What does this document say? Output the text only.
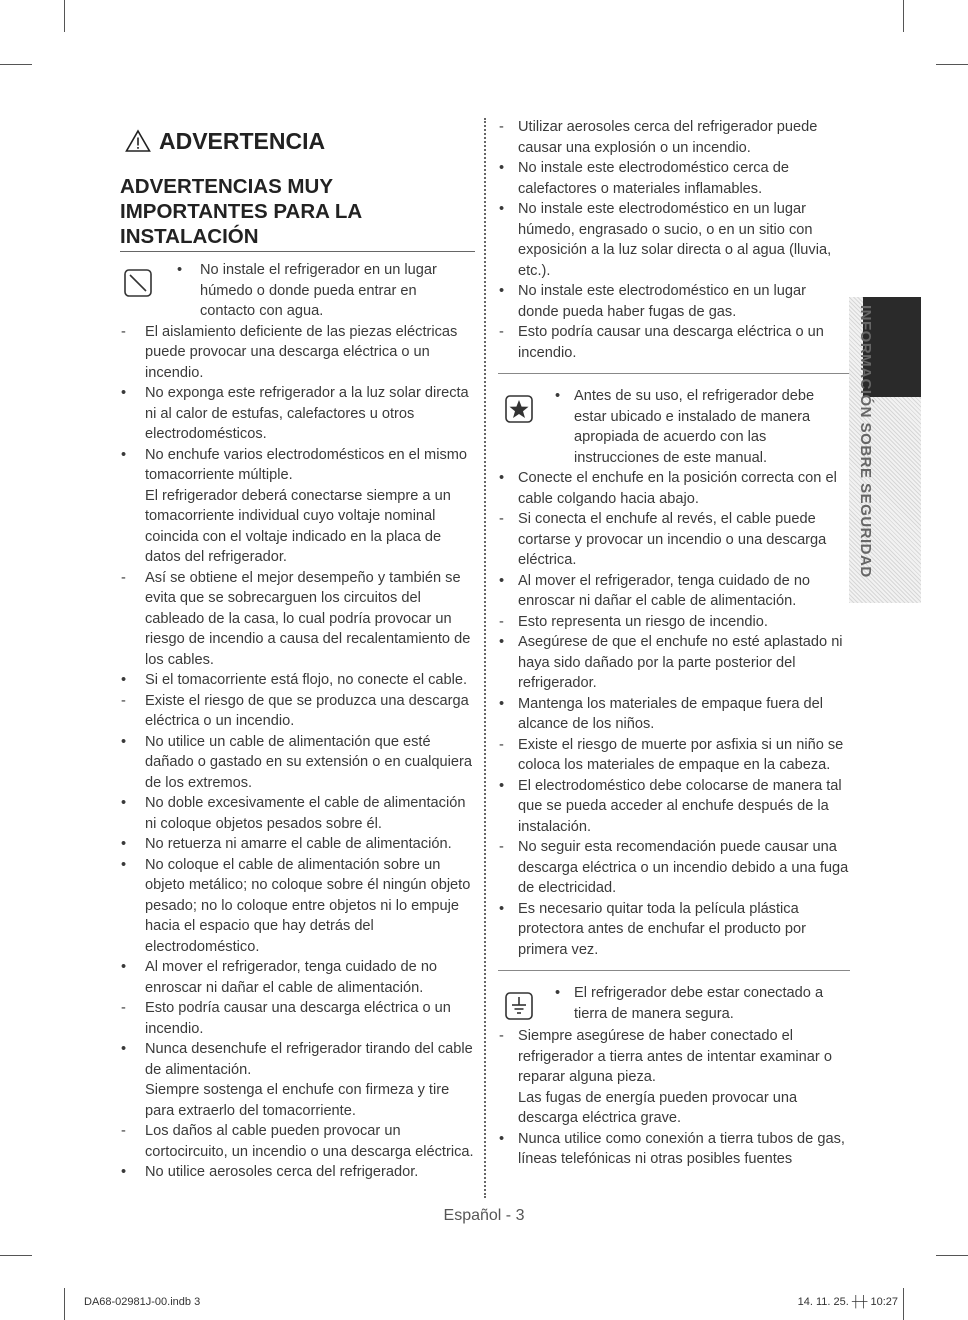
ADVERTENCIA
ADVERTENCIAS MUY IMPORTANTES PARA LA INSTALACIÓN
•	No instale el refrigerador en un lugar húmedo o donde pueda entrar en contacto con agua.
-	El aislamiento deficiente de las piezas eléctricas puede provocar una descarga eléctrica o un incendio.
•	No exponga este refrigerador a la luz solar directa ni al calor de estufas, calefactores u otros electrodomésticos.
•	No enchufe varios electrodomésticos en el mismo tomacorriente múltiple.
El refrigerador deberá conectarse siempre a un tomacorriente individual cuyo voltaje nominal coincida con el voltaje indicado en la placa de datos del refrigerador.
-	Así se obtiene el mejor desempeño y también se evita que se sobrecarguen los circuitos del cableado de la casa, lo cual podría provocar un riesgo de incendio a causa del recalentamiento de los cables.
•	Si el tomacorriente está flojo, no conecte el cable.
-	Existe el riesgo de que se produzca una descarga eléctrica o un incendio.
•	No utilice un cable de alimentación que esté dañado o gastado en su extensión o en cualquiera de los extremos.
•	No doble excesivamente el cable de alimentación ni coloque objetos pesados sobre él.
•	No retuerza ni amarre el cable de alimentación.
•	No coloque el cable de alimentación sobre un objeto metálico; no coloque sobre él ningún objeto pesado; no lo coloque entre objetos ni lo empuje hacia el espacio que hay detrás del electrodoméstico.
•	Al mover el refrigerador, tenga cuidado de no enroscar ni dañar el cable de alimentación.
-	Esto podría causar una descarga eléctrica o un incendio.
•	Nunca desenchufe el refrigerador tirando del cable de alimentación.
Siempre sostenga el enchufe con firmeza y tire para extraerlo del tomacorriente.
-	Los daños al cable pueden provocar un cortocircuito, un incendio o una descarga eléctrica.
•	No utilice aerosoles cerca del refrigerador.
- Utilizar aerosoles cerca del refrigerador puede causar una explosión o un incendio.
• No instale este electrodoméstico cerca de calefactores o materiales inflamables.
• No instale este electrodoméstico en un lugar húmedo, engrasado o sucio, o en un sitio con exposición a la luz solar directa o al agua (lluvia, etc.).
• No instale este electrodoméstico en un lugar donde pueda haber fugas de gas.
- Esto podría causar una descarga eléctrica o un incendio.
• Antes de su uso, el refrigerador debe estar ubicado e instalado de manera apropiada de acuerdo con las instrucciones de este manual.
• Conecte el enchufe en la posición correcta con el cable colgando hacia abajo.
- Si conecta el enchufe al revés, el cable puede cortarse y provocar un incendio o una descarga eléctrica.
• Al mover el refrigerador, tenga cuidado de no enroscar ni dañar el cable de alimentación.
- Esto representa un riesgo de incendio.
• Asegúrese de que el enchufe no esté aplastado ni haya sido dañado por la parte posterior del refrigerador.
• Mantenga los materiales de empaque fuera del alcance de los niños.
- Existe el riesgo de muerte por asfixia si un niño se coloca los materiales de empaque en la cabeza.
• El electrodoméstico debe colocarse de manera tal que se pueda acceder al enchufe después de la instalación.
- No seguir esta recomendación puede causar una descarga eléctrica o un incendio debido a una fuga de electricidad.
• Es necesario quitar toda la película plástica protectora antes de enchufar el producto por primera vez.
• El refrigerador debe estar conectado a tierra de manera segura.
- Siempre asegúrese de haber conectado el refrigerador a tierra antes de intentar examinar o reparar alguna pieza.
Las fugas de energía pueden provocar una descarga eléctrica grave.
• Nunca utilice como conexión a tierra tubos de gas, líneas telefónicas ni otras posibles fuentes
INFORMACIÓN SOBRE SEGURIDAD
Español - 3
DA68-02981J-00.indb 3	14. 11. 25. ┼┼ 10:27
